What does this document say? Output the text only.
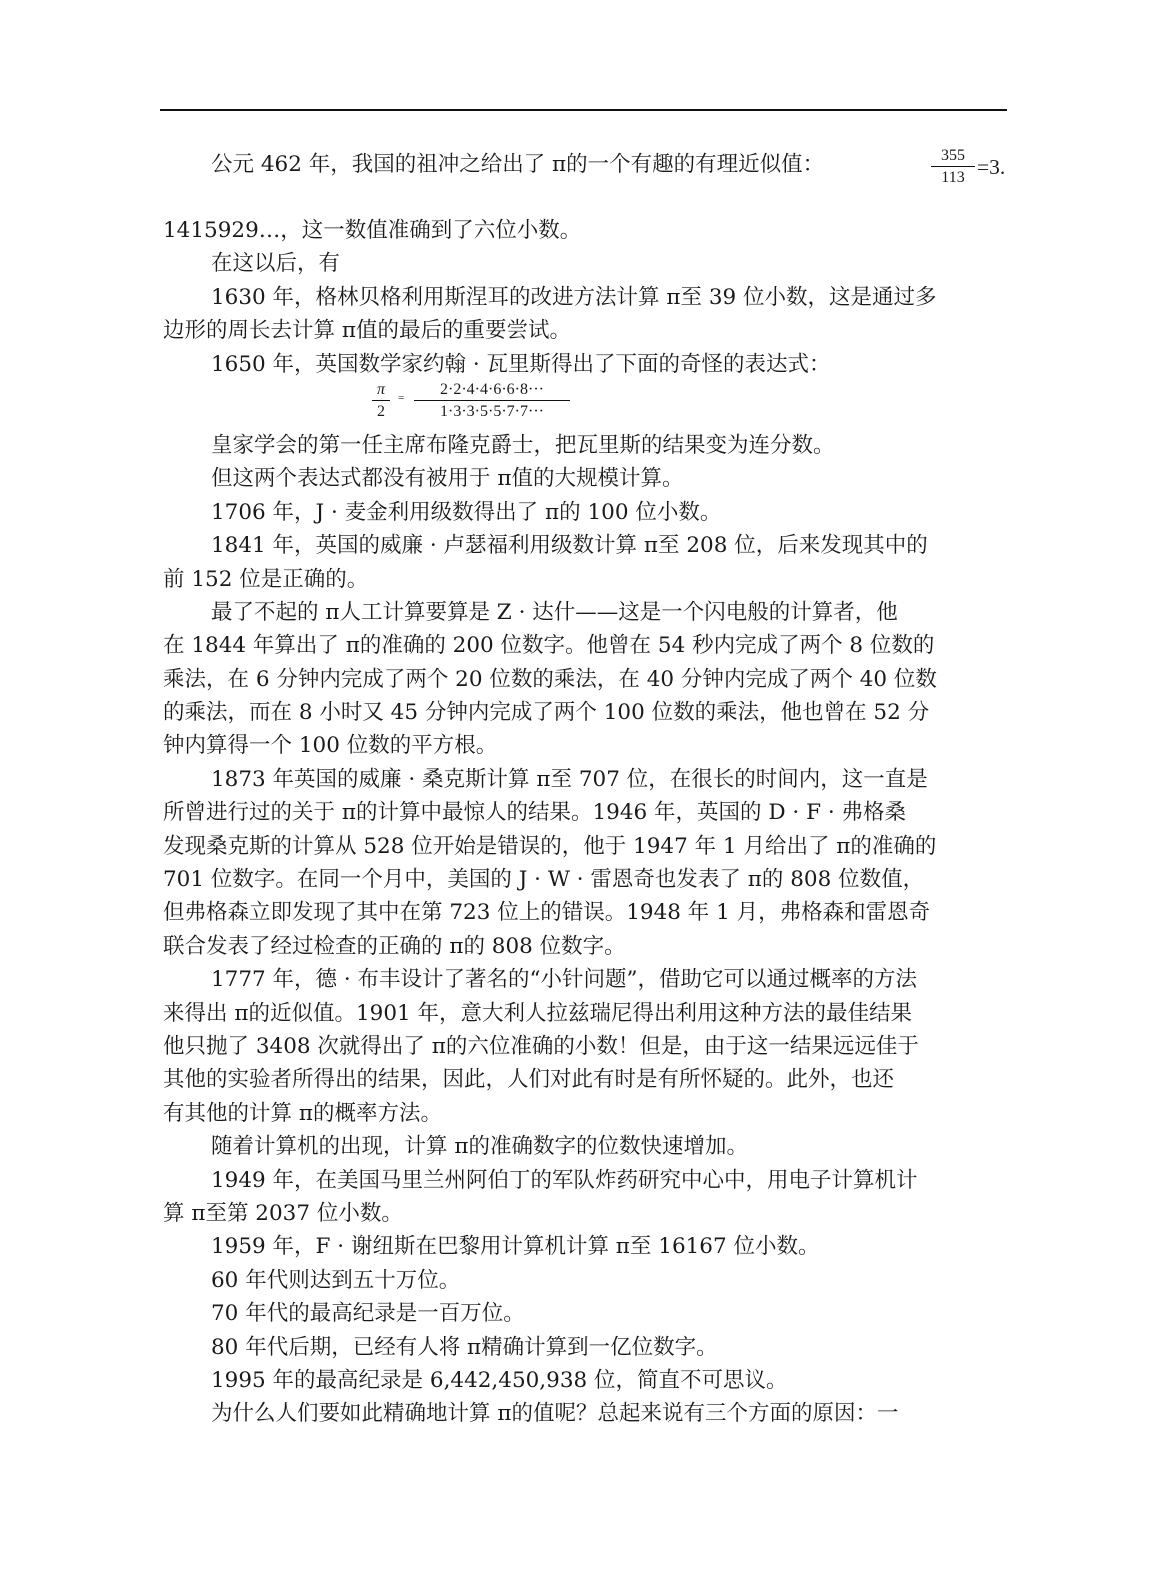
公元 462 年，我国的祖冲之给出了 π的一个有趣的有理近似值：	$\frac{355}{113} =3$.
1415929…，这一数值准确到了六位小数。
在这以后，有
1630 年，格林贝格利用斯涅耳的改进方法计算 π至 39 位小数，这是通过多
边形的周长去计算 π值的最后的重要尝试。
1650 年，英国数学家约翰 · 瓦里斯得出了下面的奇怪的表达式：
皇家学会的第一任主席布隆克爵士，把瓦里斯的结果变为连分数。
但这两个表达式都没有被用于 π值的大规模计算。
1706 年，J · 麦金利用级数得出了 π的 100 位小数。
1841 年，英国的威廉 · 卢瑟福利用级数计算 π至 208 位，后来发现其中的
前 152 位是正确的。
最了不起的 π人工计算要算是 Z · 达什——这是一个闪电般的计算者，他
在 1844 年算出了 π的准确的 200 位数字。他曾在 54 秒内完成了两个 8 位数的
乘法，在 6 分钟内完成了两个 20 位数的乘法，在 40 分钟内完成了两个 40 位数
的乘法，而在 8 小时又 45 分钟内完成了两个 100 位数的乘法，他也曾在 52 分
钟内算得一个 100 位数的平方根。
1873 年英国的威廉 · 桑克斯计算 π至 707 位，在很长的时间内，这一直是
所曾进行过的关于 π的计算中最惊人的结果。1946 年，英国的 D · F · 弗格桑
发现桑克斯的计算从 528 位开始是错误的，他于 1947 年 1 月给出了 π的准确的
701 位数字。在同一个月中，美国的 J · W · 雷恩奇也发表了 π的 808 位数值，
但弗格森立即发现了其中在第 723 位上的错误。1948 年 1 月，弗格森和雷恩奇
联合发表了经过检查的正确的 π的 808 位数字。
1777 年，德 · 布丰设计了著名的“小针问题”，借助它可以通过概率的方法
来得出 π的近似值。1901 年，意大利人拉兹瑞尼得出利用这种方法的最佳结果
他只抛了 3408 次就得出了 π的六位准确的小数！但是，由于这一结果远远佳于
其他的实验者所得出的结果，因此，人们对此有时是有所怀疑的。此外，也还
有其他的计算 π的概率方法。
随着计算机的出现，计算 π的准确数字的位数快速增加。
1949 年，在美国马里兰州阿伯丁的军队炸药研究中心中，用电子计算机计
算 π至第 2037 位小数。
1959 年，F · 谢纽斯在巴黎用计算机计算 π至 16167 位小数。
60 年代则达到五十万位。
70 年代的最高纪录是一百万位。
80 年代后期，已经有人将 π精确计算到一亿位数字。
1995 年的最高纪录是 6,442,450,938 位，简直不可思议。
为什么人们要如此精确地计算 π的值呢？总起来说有三个方面的原因：一
$\frac{\pi}{2} = \frac{2\cdot 2\cdot 4\cdot 4\cdot 6\cdot 6\cdot 8\cdot\cdot\cdot}{1\cdot 3\cdot 3\cdot 5\cdot 5\cdot 7\cdot 7\cdot\cdot\cdot}$
